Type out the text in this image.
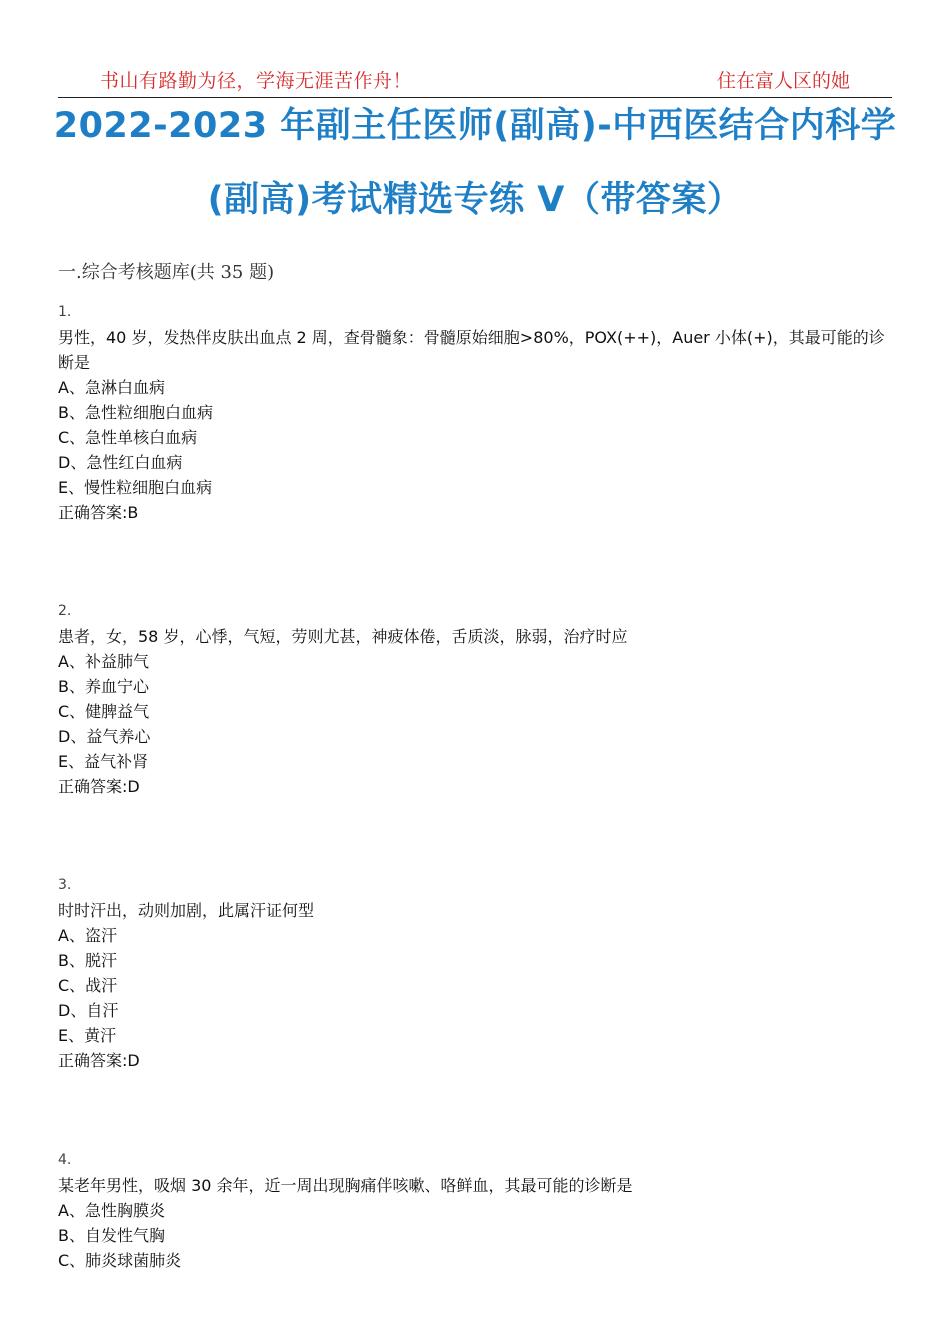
书山有路勤为径，学海无涯苦作舟！	住在富人区的她
2022-2023 年副主任医师(副高)-中西医结合内科学
(副高)考试精选专练 V（带答案）
一.综合考核题库(共 35 题)
1.
男性，40 岁，发热伴皮肤出血点 2 周，查骨髓象：骨髓原始细胞>80%，POX(++)，Auer 小体(+)，其最可能的诊断是
A、急淋白血病
B、急性粒细胞白血病
C、急性单核白血病
D、急性红白血病
E、慢性粒细胞白血病
正确答案:B
2.
患者，女，58 岁，心悸，气短，劳则尤甚，神疲体倦，舌质淡，脉弱，治疗时应
A、补益肺气
B、养血宁心
C、健脾益气
D、益气养心
E、益气补肾
正确答案:D
3.
时时汗出，动则加剧，此属汗证何型
A、盗汗
B、脱汗
C、战汗
D、自汗
E、黄汗
正确答案:D
4.
某老年男性，吸烟 30 余年，近一周出现胸痛伴咳嗽、咯鲜血，其最可能的诊断是
A、急性胸膜炎
B、自发性气胸
C、肺炎球菌肺炎
